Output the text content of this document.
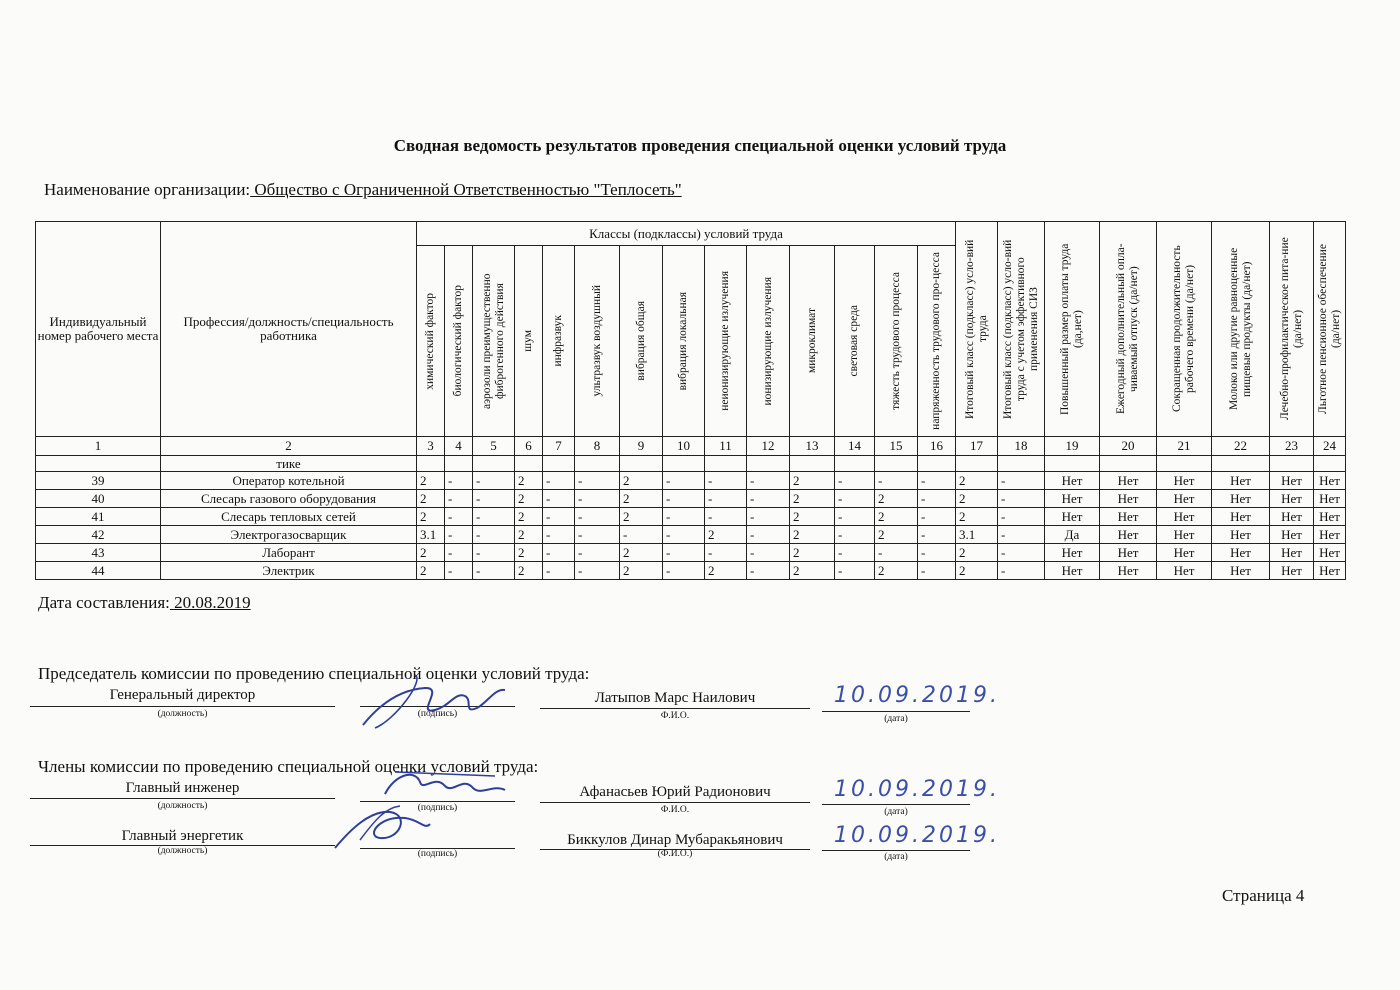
Сводная ведомость результатов проведения специальной оценки условий труда
Наименование организации: Общество с Ограниченной Ответственностью "Теплосеть"
Индивидуальный номер рабочего места	Профессия/должность/специальность работника	Классы (подклассы) условий труда														Итоговый класс (подкласс) усло-вий труда	Итоговый класс (подкласс) усло-вий труда с учетом эффективного применения СИЗ	Повышенный размер оплаты труда (да,нет)	Ежегодный дополнительный опла-чиваемый отпуск (да/нет)	Сокращенная продолжительность рабочего времени (да/нет)	Молоко или другие равноценные пищевые продукты (да/нет)	Лечебно-профилактическое пита-ние (да/нет)	Льготное пенсионное обеспечение (да/нет)

		химический фактор	биологический фактор	аэрозоли преимущественно фиброгенного действия	шум	инфразвук	ультразвук воздушный	вибрация общая	вибрация локальная	неионизирующие излучения	ионизирующие излучения	микроклимат	световая среда	тяжесть трудового процесса	напряженность трудового про-цесса								

1	2	3	4	5	6	7	8	9	10	11	12	13	14	15	16	17	18	19	20	21	22	23	24
	тике																						
39	Оператор котельной	2	-	-	2	-	-	2	-	-	-	2	-	-	-	2	-	Нет	Нет	Нет	Нет	Нет	Нет
40	Слесарь газового оборудования	2	-	-	2	-	-	2	-	-	-	2	-	2	-	2	-	Нет	Нет	Нет	Нет	Нет	Нет
41	Слесарь тепловых сетей	2	-	-	2	-	-	2	-	-	-	2	-	2	-	2	-	Нет	Нет	Нет	Нет	Нет	Нет
42	Электрогазосварщик	3.1	-	-	2	-	-	-	-	2	-	2	-	2	-	3.1	-	Да	Нет	Нет	Нет	Нет	Нет
43	Лаборант	2	-	-	2	-	-	2	-	-	-	2	-	-	-	2	-	Нет	Нет	Нет	Нет	Нет	Нет
44	Электрик	2	-	-	2	-	-	2	-	2	-	2	-	2	-	2	-	Нет	Нет	Нет	Нет	Нет	Нет
Дата составления: 20.08.2019
Председатель комиссии по проведению специальной оценки условий труда:
Члены комиссии по проведению специальной оценки условий труда:
Генеральный директор
(должность)	(подпись)
Латыпов Марс Наилович
Ф.И.О.
10.09.2019.
(дата)
Главный инженер
(должность)	(подпись)
Афанасьев Юрий Радионович
Ф.И.О.
10.09.2019.
(дата)
Главный энергетик
(должность)	(подпись)
Биккулов Динар Мубаракьянович
(Ф.И.О.)
10.09.2019.
(дата)
Страница 4
